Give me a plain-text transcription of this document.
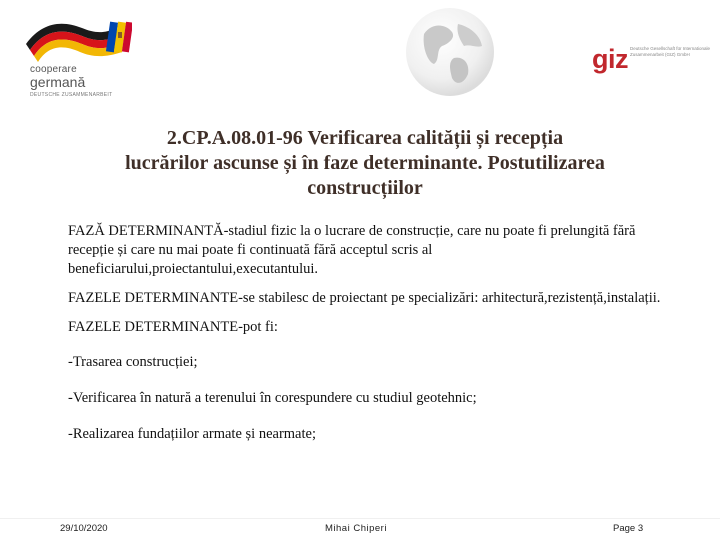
cooperare
germană
DEUTSCHE ZUSAMMENARBEIT
giz Deutsche Gesellschaft für Internationale Zusammenarbeit (GIZ) GmbH
2.CP.A.08.01-96 Verificarea calității și recepția
lucrărilor ascunse și în faze determinante. Postutilizarea
construcțiilor

FAZĂ DETERMINANTĂ-stadiul fizic la o lucrare de construcție, care nu poate fi prelungită fără recepție și care nu mai poate fi continuată fără acceptul scris al beneficiarului,proiectantului,executantului.

FAZELE DETERMINANTE-se stabilesc de proiectant pe specializări: arhitectură,rezistență,instalații.

FAZELE DETERMINANTE-pot fi:

-Trasarea construcției;

-Verificarea în natură a terenului în corespundere cu studiul geotehnic;

-Realizarea fundațiilor armate și nearmate;

29/10/2020	Mihai Chiperi	Page 3
